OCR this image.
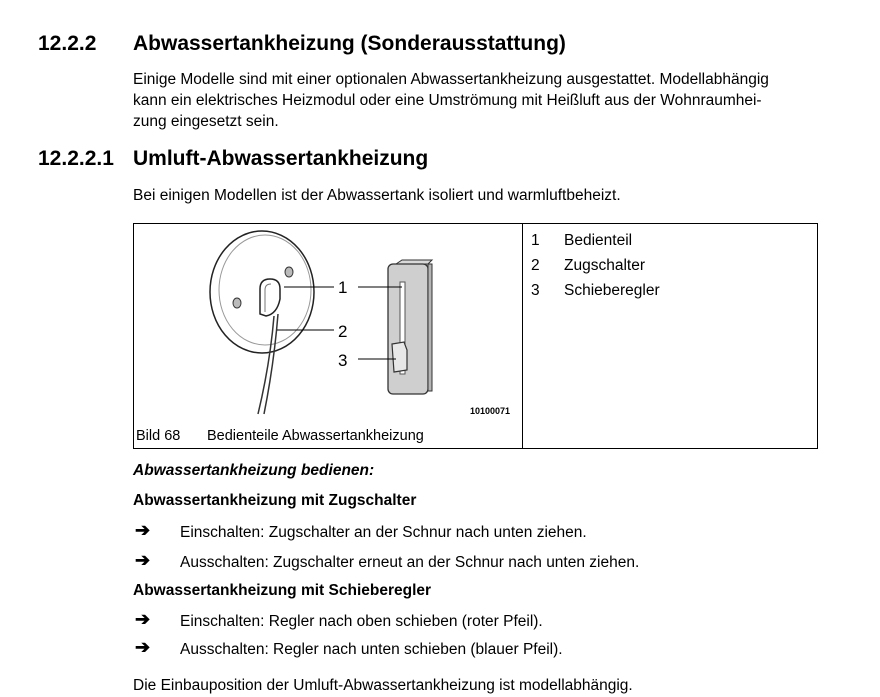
12.2.2 Abwassertankheizung (Sonderausstattung)
Einige Modelle sind mit einer optionalen Abwassertankheizung ausgestattet. Modellabhängig
kann ein elektrisches Heizmodul oder eine Umströmung mit Heißluft aus der Wohnraumhei-
zung eingesetzt sein.
12.2.2.1 Umluft-Abwassertankheizung
Bei einigen Modellen ist der Abwassertank isoliert und warmluftbeheizt.
1
2
3
10100071
Bild 68 Bedienteile Abwassertankheizung
1 Bedienteil
2 Zugschalter
3 Schieberegler
Abwassertankheizung bedienen:
Abwassertankheizung mit Zugschalter
➔ Einschalten: Zugschalter an der Schnur nach unten ziehen.
➔ Ausschalten: Zugschalter erneut an der Schnur nach unten ziehen.
Abwassertankheizung mit Schieberegler
➔ Einschalten: Regler nach oben schieben (roter Pfeil).
➔ Ausschalten: Regler nach unten schieben (blauer Pfeil).
Die Einbauposition der Umluft-Abwassertankheizung ist modellabhängig.
